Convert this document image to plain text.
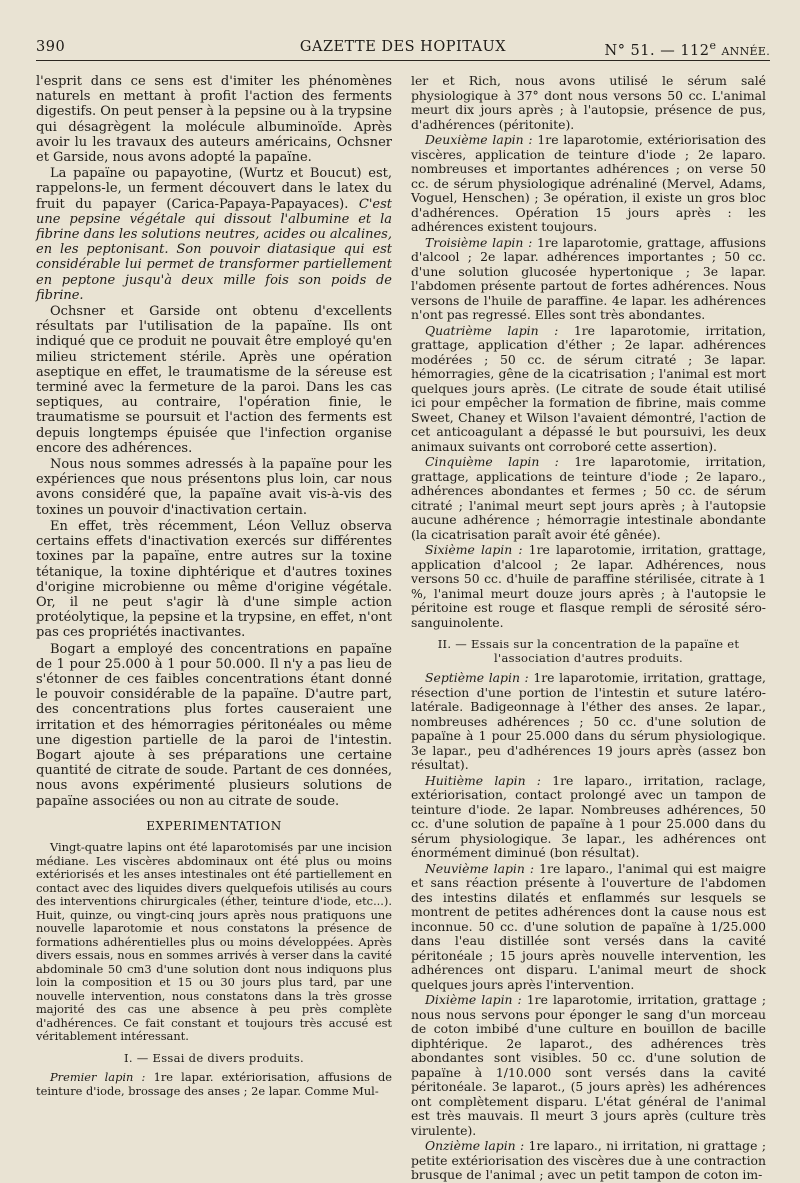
390	GAZETTE DES HOPITAUX	N° 51. — 112e ANNÉE.

l'esprit dans ce sens est d'imiter les phénomènes naturels en mettant à profit l'action des ferments digestifs. On peut penser à la pepsine ou à la trypsine qui désagrègent la molécule albuminoïde. Après avoir lu les travaux des auteurs américains, Ochsner et Garside, nous avons adopté la papaïne.

La papaïne ou papayotine, (Wurtz et Boucut) est, rappelons-le, un ferment découvert dans le latex du fruit du papayer (Carica-Papaya-Papayaces). C'est une pepsine végétale qui dissout l'albumine et la fibrine dans les solutions neutres, acides ou alcalines, en les peptonisant. Son pouvoir diatasique qui est considérable lui permet de transformer partiellement en peptone jusqu'à deux mille fois son poids de fibrine.

Ochsner et Garside ont obtenu d'excellents résultats par l'utilisation de la papaïne. Ils ont indiqué que ce produit ne pouvait être employé qu'en milieu strictement stérile. Après une opération aseptique en effet, le traumatisme de la séreuse est terminé avec la fermeture de la paroi. Dans les cas septiques, au contraire, l'opération finie, le traumatisme se poursuit et l'action des ferments est depuis longtemps épuisée que l'infection organise encore des adhérences.

Nous nous sommes adressés à la papaïne pour les expériences que nous présentons plus loin, car nous avons considéré que, la papaïne avait vis-à-vis des toxines un pouvoir d'inactivation certain.

En effet, très récemment, Léon Velluz observa certains effets d'inactivation exercés sur différentes toxines par la papaïne, entre autres sur la toxine tétanique, la toxine diphtérique et d'autres toxines d'origine microbienne ou même d'origine végétale. Or, il ne peut s'agir là d'une simple action protéolytique, la pepsine et la trypsine, en effet, n'ont pas ces propriétés inactivantes.

Bogart a employé des concentrations en papaïne de 1 pour 25.000 à 1 pour 50.000. Il n'y a pas lieu de s'étonner de ces faibles concentrations étant donné le pouvoir considérable de la papaïne. D'autre part, des concentrations plus fortes causeraient une irritation et des hémorragies péritonéales ou même une digestion partielle de la paroi de l'intestin. Bogart ajoute à ses préparations une certaine quantité de citrate de soude. Partant de ces données, nous avons expérimenté plusieurs solutions de papaïne associées ou non au citrate de soude.

EXPERIMENTATION

Vingt-quatre lapins ont été laparotomisés par une incision médiane. Les viscères abdominaux ont été plus ou moins extériorisés et les anses intestinales ont été partiellement en contact avec des liquides divers quelquefois utilisés au cours des interventions chirurgicales (éther, teinture d'iode, etc...). Huit, quinze, ou vingt-cinq jours après nous pratiquons une nouvelle laparotomie et nous constatons la présence de formations adhérentielles plus ou moins développées. Après divers essais, nous en sommes arrivés à verser dans la cavité abdominale 50 cm3 d'une solution dont nous indiquons plus loin la composition et 15 ou 30 jours plus tard, par une nouvelle intervention, nous constatons dans la très grosse majorité des cas une absence à peu près complète d'adhérences. Ce fait constant et toujours très accusé est véritablement intéressant.

I. — Essai de divers produits.

Premier lapin : 1re lapar. extériorisation, affusions de teinture d'iode, brossage des anses ; 2e lapar. Comme Mul-

ler et Rich, nous avons utilisé le sérum salé physiologique à 37° dont nous versons 50 cc. L'animal meurt dix jours après ; à l'autopsie, présence de pus, d'adhérences (péritonite).

Deuxième lapin : 1re laparotomie, extériorisation des viscères, application de teinture d'iode ; 2e laparo. nombreuses et importantes adhérences ; on verse 50 cc. de sérum physiologique adrénaliné (Mervel, Adams, Voguel, Henschen) ; 3e opération, il existe un gros bloc d'adhérences. Opération 15 jours après : les adhérences existent toujours.

Troisième lapin : 1re laparotomie, grattage, affusions d'alcool ; 2e lapar. adhérences importantes ; 50 cc. d'une solution glucosée hypertonique ; 3e lapar. l'abdomen présente partout de fortes adhérences. Nous versons de l'huile de paraffine. 4e lapar. les adhérences n'ont pas regressé. Elles sont très abondantes.

Quatrième lapin : 1re laparotomie, irritation, grattage, application d'éther ; 2e lapar. adhérences modérées ; 50 cc. de sérum citraté ; 3e lapar. hémorragies, gêne de la cicatrisation ; l'animal est mort quelques jours après. (Le citrate de soude était utilisé ici pour empêcher la formation de fibrine, mais comme Sweet, Chaney et Wilson l'avaient démontré, l'action de cet anticoagulant a dépassé le but poursuivi, les deux animaux suivants ont corroboré cette assertion).

Cinquième lapin : 1re laparotomie, irritation, grattage, applications de teinture d'iode ; 2e laparo., adhérences abondantes et fermes ; 50 cc. de sérum citraté ; l'animal meurt sept jours après ; à l'autopsie aucune adhérence ; hémorragie intestinale abondante (la cicatrisation paraît avoir été gênée).

Sixième lapin : 1re laparotomie, irritation, grattage, application d'alcool ; 2e lapar. Adhérences, nous versons 50 cc. d'huile de paraffine stérilisée, citrate à 1 %, l'animal meurt douze jours après ; à l'autopsie le péritoine est rouge et flasque rempli de sérosité séro-sanguinolente.

II. — Essais sur la concentration de la papaïne et l'association d'autres produits.

Septième lapin : 1re laparotomie, irritation, grattage, résection d'une portion de l'intestin et suture latéro-latérale. Badigeonnage à l'éther des anses. 2e lapar., nombreuses adhérences ; 50 cc. d'une solution de papaïne à 1 pour 25.000 dans du sérum physiologique. 3e lapar., peu d'adhérences 19 jours après (assez bon résultat).

Huitième lapin : 1re laparo., irritation, raclage, extériorisation, contact prolongé avec un tampon de teinture d'iode. 2e lapar. Nombreuses adhérences, 50 cc. d'une solution de papaïne à 1 pour 25.000 dans du sérum physiologique. 3e lapar., les adhérences ont énormément diminué (bon résultat).

Neuvième lapin : 1re laparo., l'animal qui est maigre et sans réaction présente à l'ouverture de l'abdomen des intestins dilatés et enflammés sur lesquels se montrent de petites adhérences dont la cause nous est inconnue. 50 cc. d'une solution de papaïne à 1/25.000 dans l'eau distillée sont versés dans la cavité péritonéale ; 15 jours après nouvelle intervention, les adhérences ont disparu. L'animal meurt de shock quelques jours après l'intervention.

Dixième lapin : 1re laparotomie, irritation, grattage ; nous nous servons pour éponger le sang d'un morceau de coton imbibé d'une culture en bouillon de bacille diphtérique. 2e laparot., des adhérences très abondantes sont visibles. 50 cc. d'une solution de papaïne à 1/10.000 sont versés dans la cavité péritonéale. 3e laparot., (5 jours après) les adhérences ont complètement disparu. L'état général de l'animal est très mauvais. Il meurt 3 jours après (culture très virulente).

Onzième lapin : 1re laparo., ni irritation, ni grattage ; petite extériorisation des viscères due à une contraction brusque de l'animal ; avec un petit tampon de coton im-
